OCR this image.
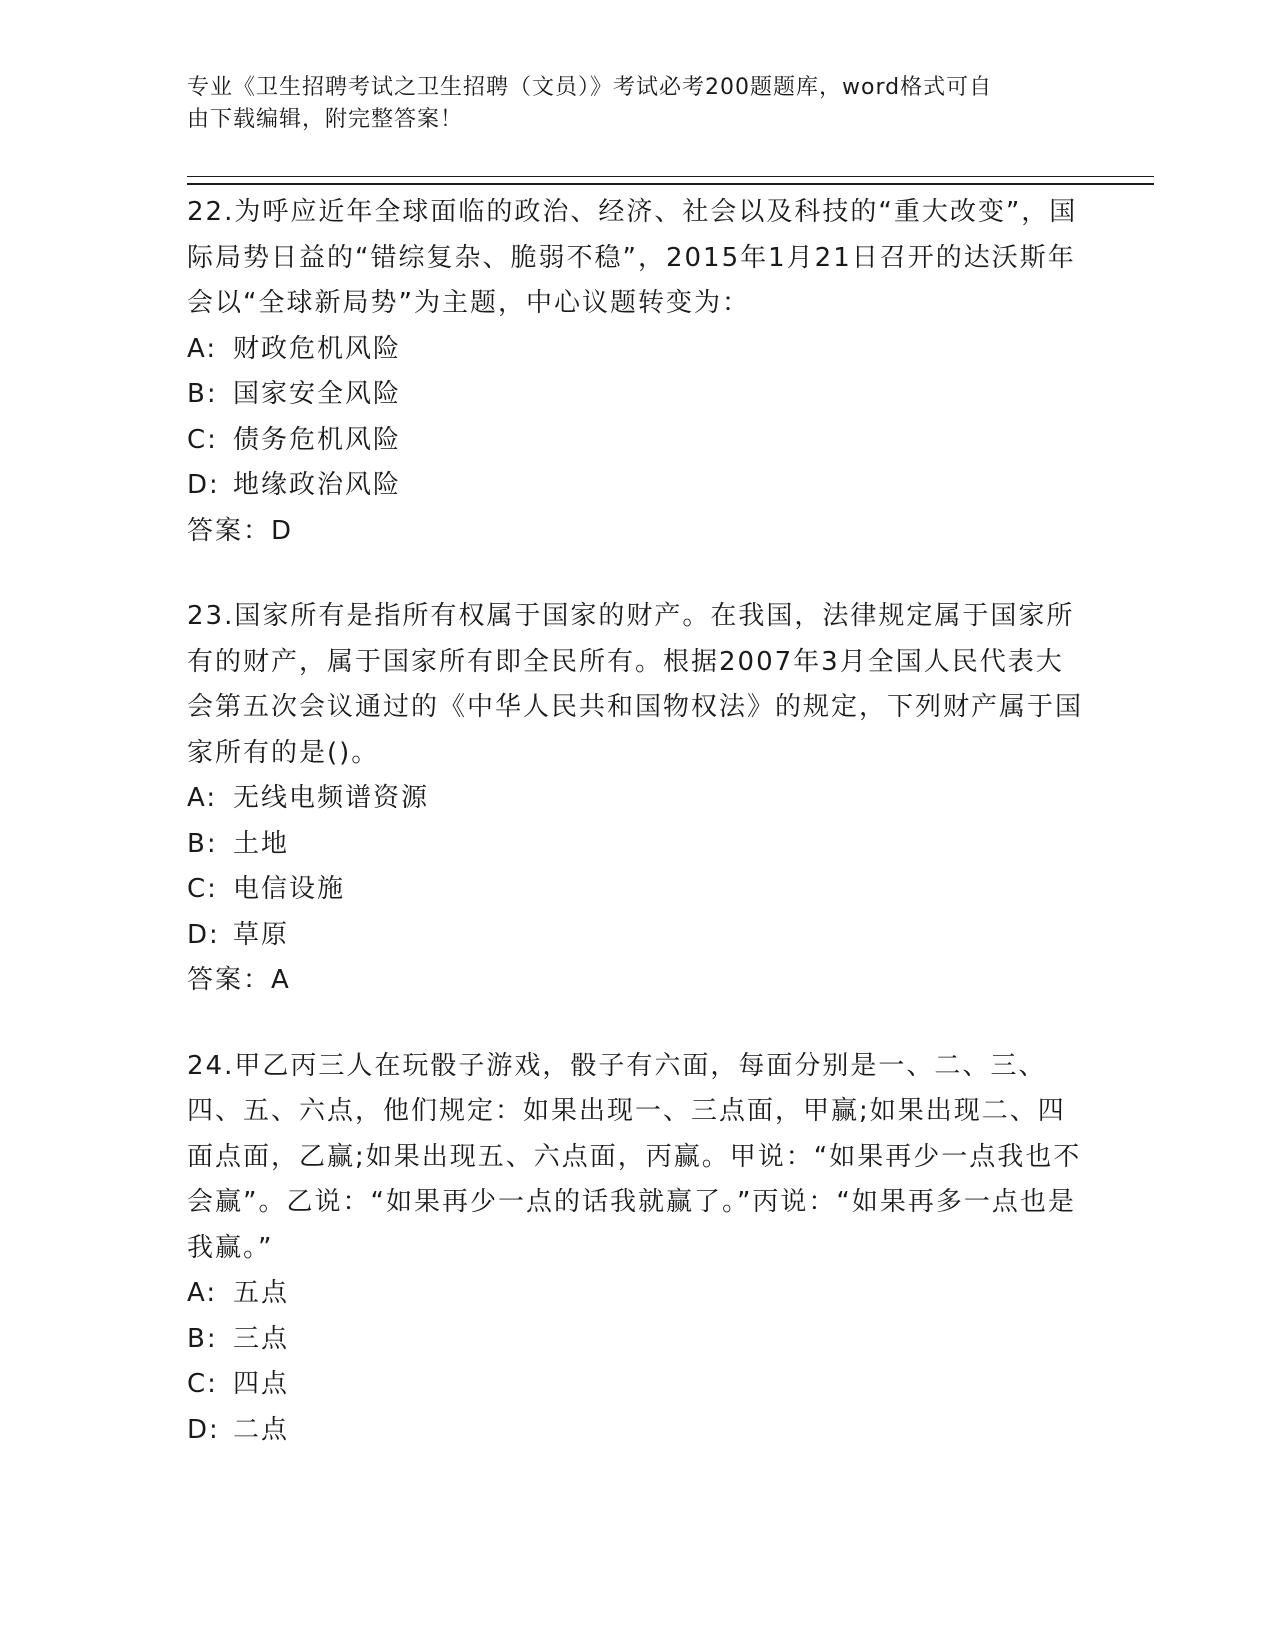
专业《卫生招聘考试之卫生招聘（文员）》考试必考200题题库，word格式可自
由下载编辑，附完整答案！

22.为呼应近年全球面临的政治、经济、社会以及科技的“重大改变”，国际局势日益的“错综复杂、脆弱不稳”，2015年1月21日召开的达沃斯年会以“全球新局势”为主题，中心议题转变为：

A: 财政危机风险

B: 国家安全风险

C: 债务危机风险

D: 地缘政治风险

答案：D

23.国家所有是指所有权属于国家的财产。在我国，法律规定属于国家所有的财产，属于国家所有即全民所有。根据2007年3月全国人民代表大会第五次会议通过的《中华人民共和国物权法》的规定，下列财产属于国家所有的是()。

A: 无线电频谱资源

B: 土地

C: 电信设施

D: 草原

答案：A

24.甲乙丙三人在玩骰子游戏，骰子有六面，每面分别是一、二、三、四、五、六点，他们规定：如果出现一、三点面，甲赢;如果出现二、四面点面，乙赢;如果出现五、六点面，丙赢。甲说：“如果再少一点我也不会赢”。乙说：“如果再少一点的话我就赢了。”丙说：“如果再多一点也是我赢。”

A: 五点

B: 三点

C: 四点

D: 二点
